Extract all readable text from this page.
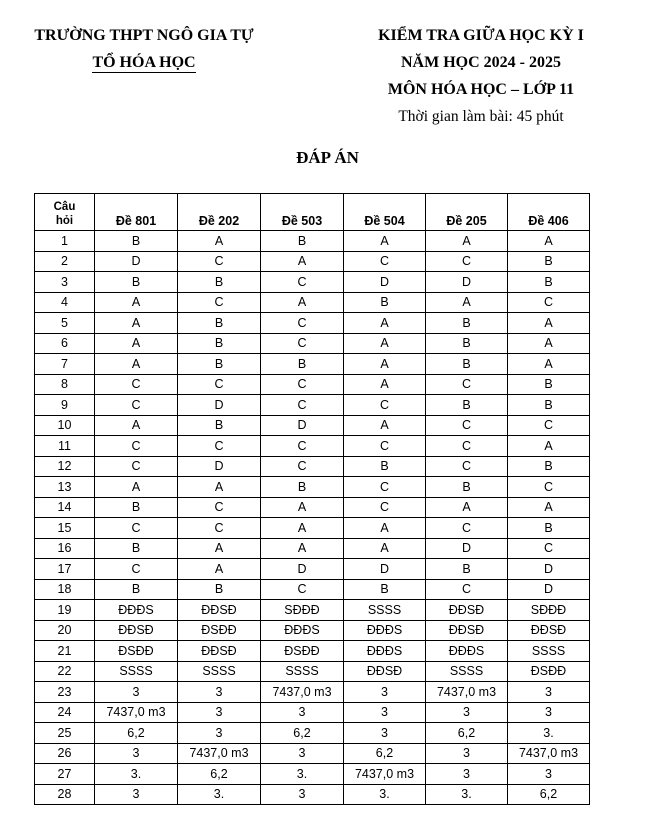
TRƯỜNG THPT NGÔ GIA TỰ
TỔ HÓA HỌC
KIỂM TRA GIỮA HỌC KỲ I
NĂM HỌC 2024 - 2025
MÔN HÓA HỌC – LỚP 11
Thời gian làm bài: 45 phút
ĐÁP ÁN
Câu
hỏi	Đề 801	Đề 202	Đề 503	Đề 504	Đề 205	Đề 406
1	B	A	B	A	A	A
2	D	C	A	C	C	B
3	B	B	C	D	D	B
4	A	C	A	B	A	C
5	A	B	C	A	B	A
6	A	B	C	A	B	A
7	A	B	B	A	B	A
8	C	C	C	A	C	B
9	C	D	C	C	B	B
10	A	B	D	A	C	C
11	C	C	C	C	C	A
12	C	D	C	B	C	B
13	A	A	B	C	B	C
14	B	C	A	C	A	A
15	C	C	A	A	C	B
16	B	A	A	A	D	C
17	C	A	D	D	B	D
18	B	B	C	B	C	D
19	ĐĐĐS	ĐĐSĐ	SĐĐĐ	SSSS	ĐĐSĐ	SĐĐĐ
20	ĐĐSĐ	ĐSĐĐ	ĐĐĐS	ĐĐĐS	ĐĐSĐ	ĐĐSĐ
21	ĐSĐĐ	ĐĐSĐ	ĐSĐĐ	ĐĐĐS	ĐĐĐS	SSSS
22	SSSS	SSSS	SSSS	ĐĐSĐ	SSSS	ĐSĐĐ
23	3	3	7437,0 m3	3	7437,0 m3	3
24	7437,0 m3	3	3	3	3	3
25	6,2	3	6,2	3	6,2	3.
26	3	7437,0 m3	3	6,2	3	7437,0 m3
27	3.	6,2	3.	7437,0 m3	3	3
28	3	3.	3	3.	3.	6,2
